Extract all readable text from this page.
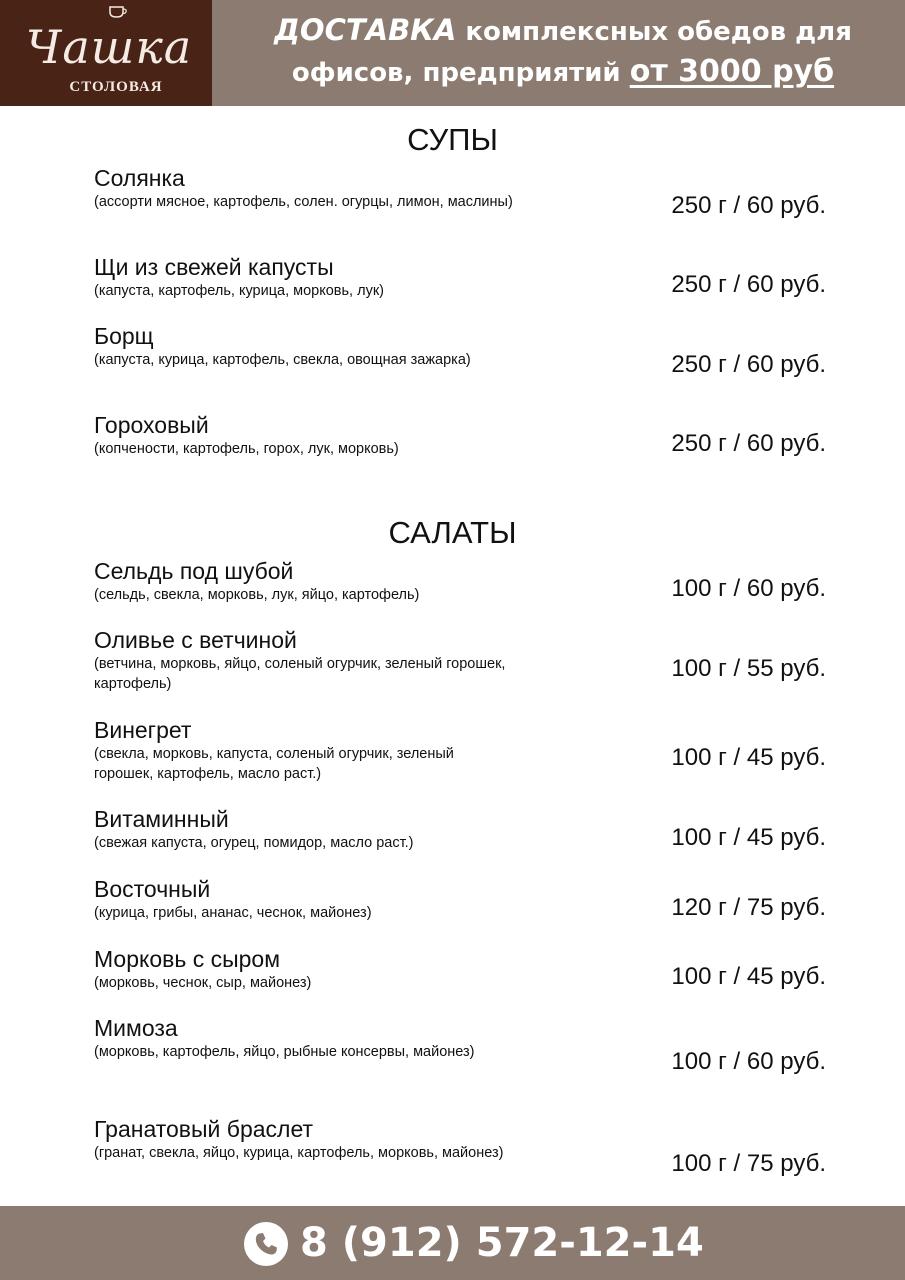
Чашка
СТОЛОВАЯ
ДОСТАВКА комплексных обедов для
офисов, предприятий от 3000 руб
СУПЫ
Солянка
(ассорти мясное, картофель, солен. огурцы, лимон, маслины)	250 г / 60 руб.
Щи из свежей капусты
(капуста, картофель, курица, морковь, лук)	250 г / 60 руб.
Борщ
(капуста, курица, картофель, свекла, овощная зажарка)	250 г / 60 руб.
Гороховый
(копчености, картофель, горох, лук, морковь)	250 г / 60 руб.
САЛАТЫ
Сельдь под шубой
(сельдь, свекла, морковь, лук, яйцо, картофель)	100 г / 60 руб.
Оливье с ветчиной
(ветчина, морковь, яйцо, соленый огурчик, зеленый горошек, картофель)
100 г / 55 руб.
Винегрет
(свекла, морковь, капуста, соленый огурчик, зеленый горошек, картофель, масло раст.)
100 г / 45 руб.
Витаминный
(свежая капуста, огурец, помидор, масло раст.)	100 г / 45 руб.
Восточный
(курица, грибы, ананас, чеснок, майонез)	120 г / 75 руб.
Морковь с сыром
(морковь, чеснок, сыр, майонез)	100 г / 45 руб.
Мимоза
(морковь, картофель, яйцо, рыбные консервы, майонез)	100 г / 60 руб.
Гранатовый браслет
(гранат, свекла, яйцо, курица, картофель, морковь, майонез)	100 г / 75 руб.
8 (912) 572-12-14
